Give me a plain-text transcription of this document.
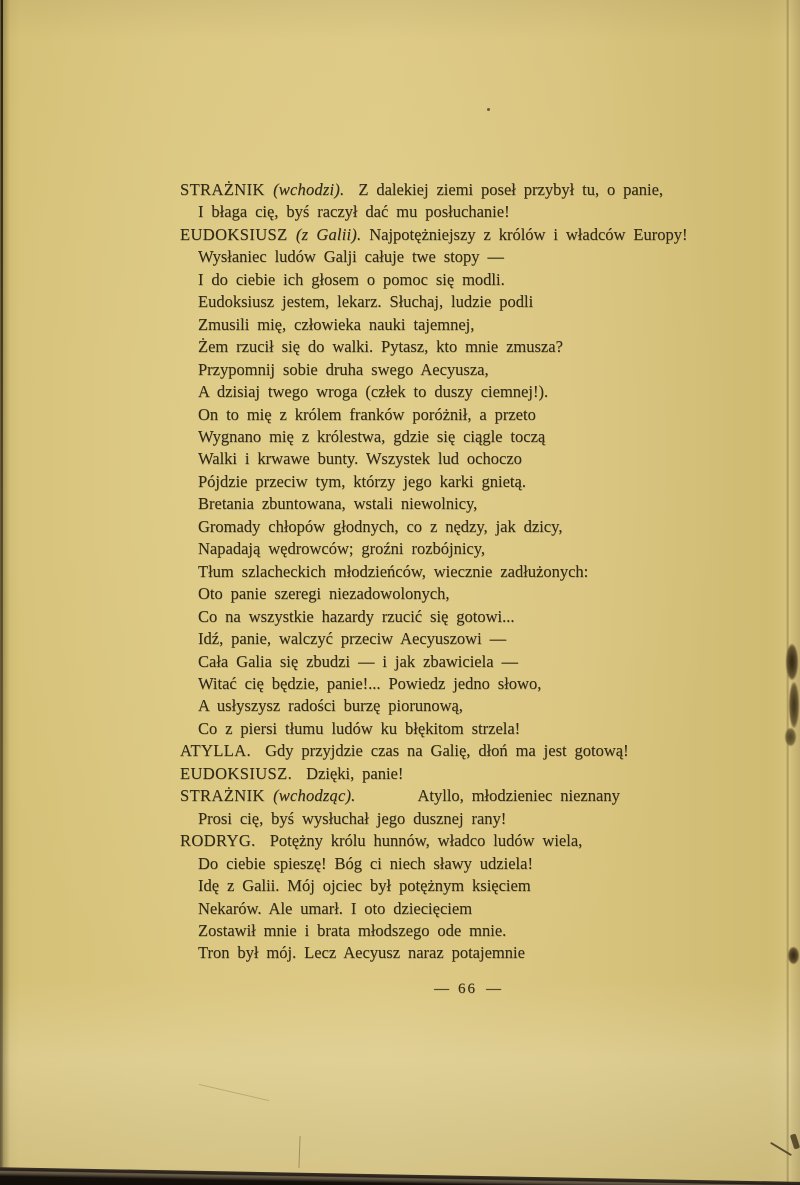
STRAŻNIK (wchodzi). Z dalekiej ziemi poseł przybył tu, o panie,
I błaga cię, byś raczył dać mu posłuchanie!
EUDOKSIUSZ (z Galii). Najpotężniejszy z królów i władców Europy!
Wysłaniec ludów Galji całuje twe stopy —
I do ciebie ich głosem o pomoc się modli.
Eudoksiusz jestem, lekarz. Słuchaj, ludzie podli
Zmusili mię, człowieka nauki tajemnej,
Żem rzucił się do walki. Pytasz, kto mnie zmusza?
Przypomnij sobie druha swego Aecyusza,
A dzisiaj twego wroga (człek to duszy ciemnej!).
On to mię z królem franków poróżnił, a przeto
Wygnano mię z królestwa, gdzie się ciągle toczą
Walki i krwawe bunty. Wszystek lud ochoczo
Pójdzie przeciw tym, którzy jego karki gnietą.
Bretania zbuntowana, wstali niewolnicy,
Gromady chłopów głodnych, co z nędzy, jak dzicy,
Napadają wędrowców; groźni rozbójnicy,
Tłum szlacheckich młodzieńców, wiecznie zadłużonych:
Oto panie szeregi niezadowolonych,
Co na wszystkie hazardy rzucić się gotowi...
Idź, panie, walczyć przeciw Aecyuszowi —
Cała Galia się zbudzi — i jak zbawiciela —
Witać cię będzie, panie!... Powiedz jedno słowo,
A usłyszysz radości burzę piorunową,
Co z piersi tłumu ludów ku błękitom strzela!
ATYLLA. Gdy przyjdzie czas na Galię, dłoń ma jest gotową!
EUDOKSIUSZ. Dzięki, panie!
STRAŻNIK (wchodząc).	Atyllo, młodzieniec nieznany
Prosi cię, byś wysłuchał jego dusznej rany!
RODRYG. Potężny królu hunnów, władco ludów wiela,
Do ciebie spieszę! Bóg ci niech sławy udziela!
Idę z Galii. Mój ojciec był potężnym księciem
Nekarów. Ale umarł. I oto dziecięciem
Zostawił mnie i brata młodszego ode mnie.
Tron był mój. Lecz Aecyusz naraz potajemnie
— 66 —
